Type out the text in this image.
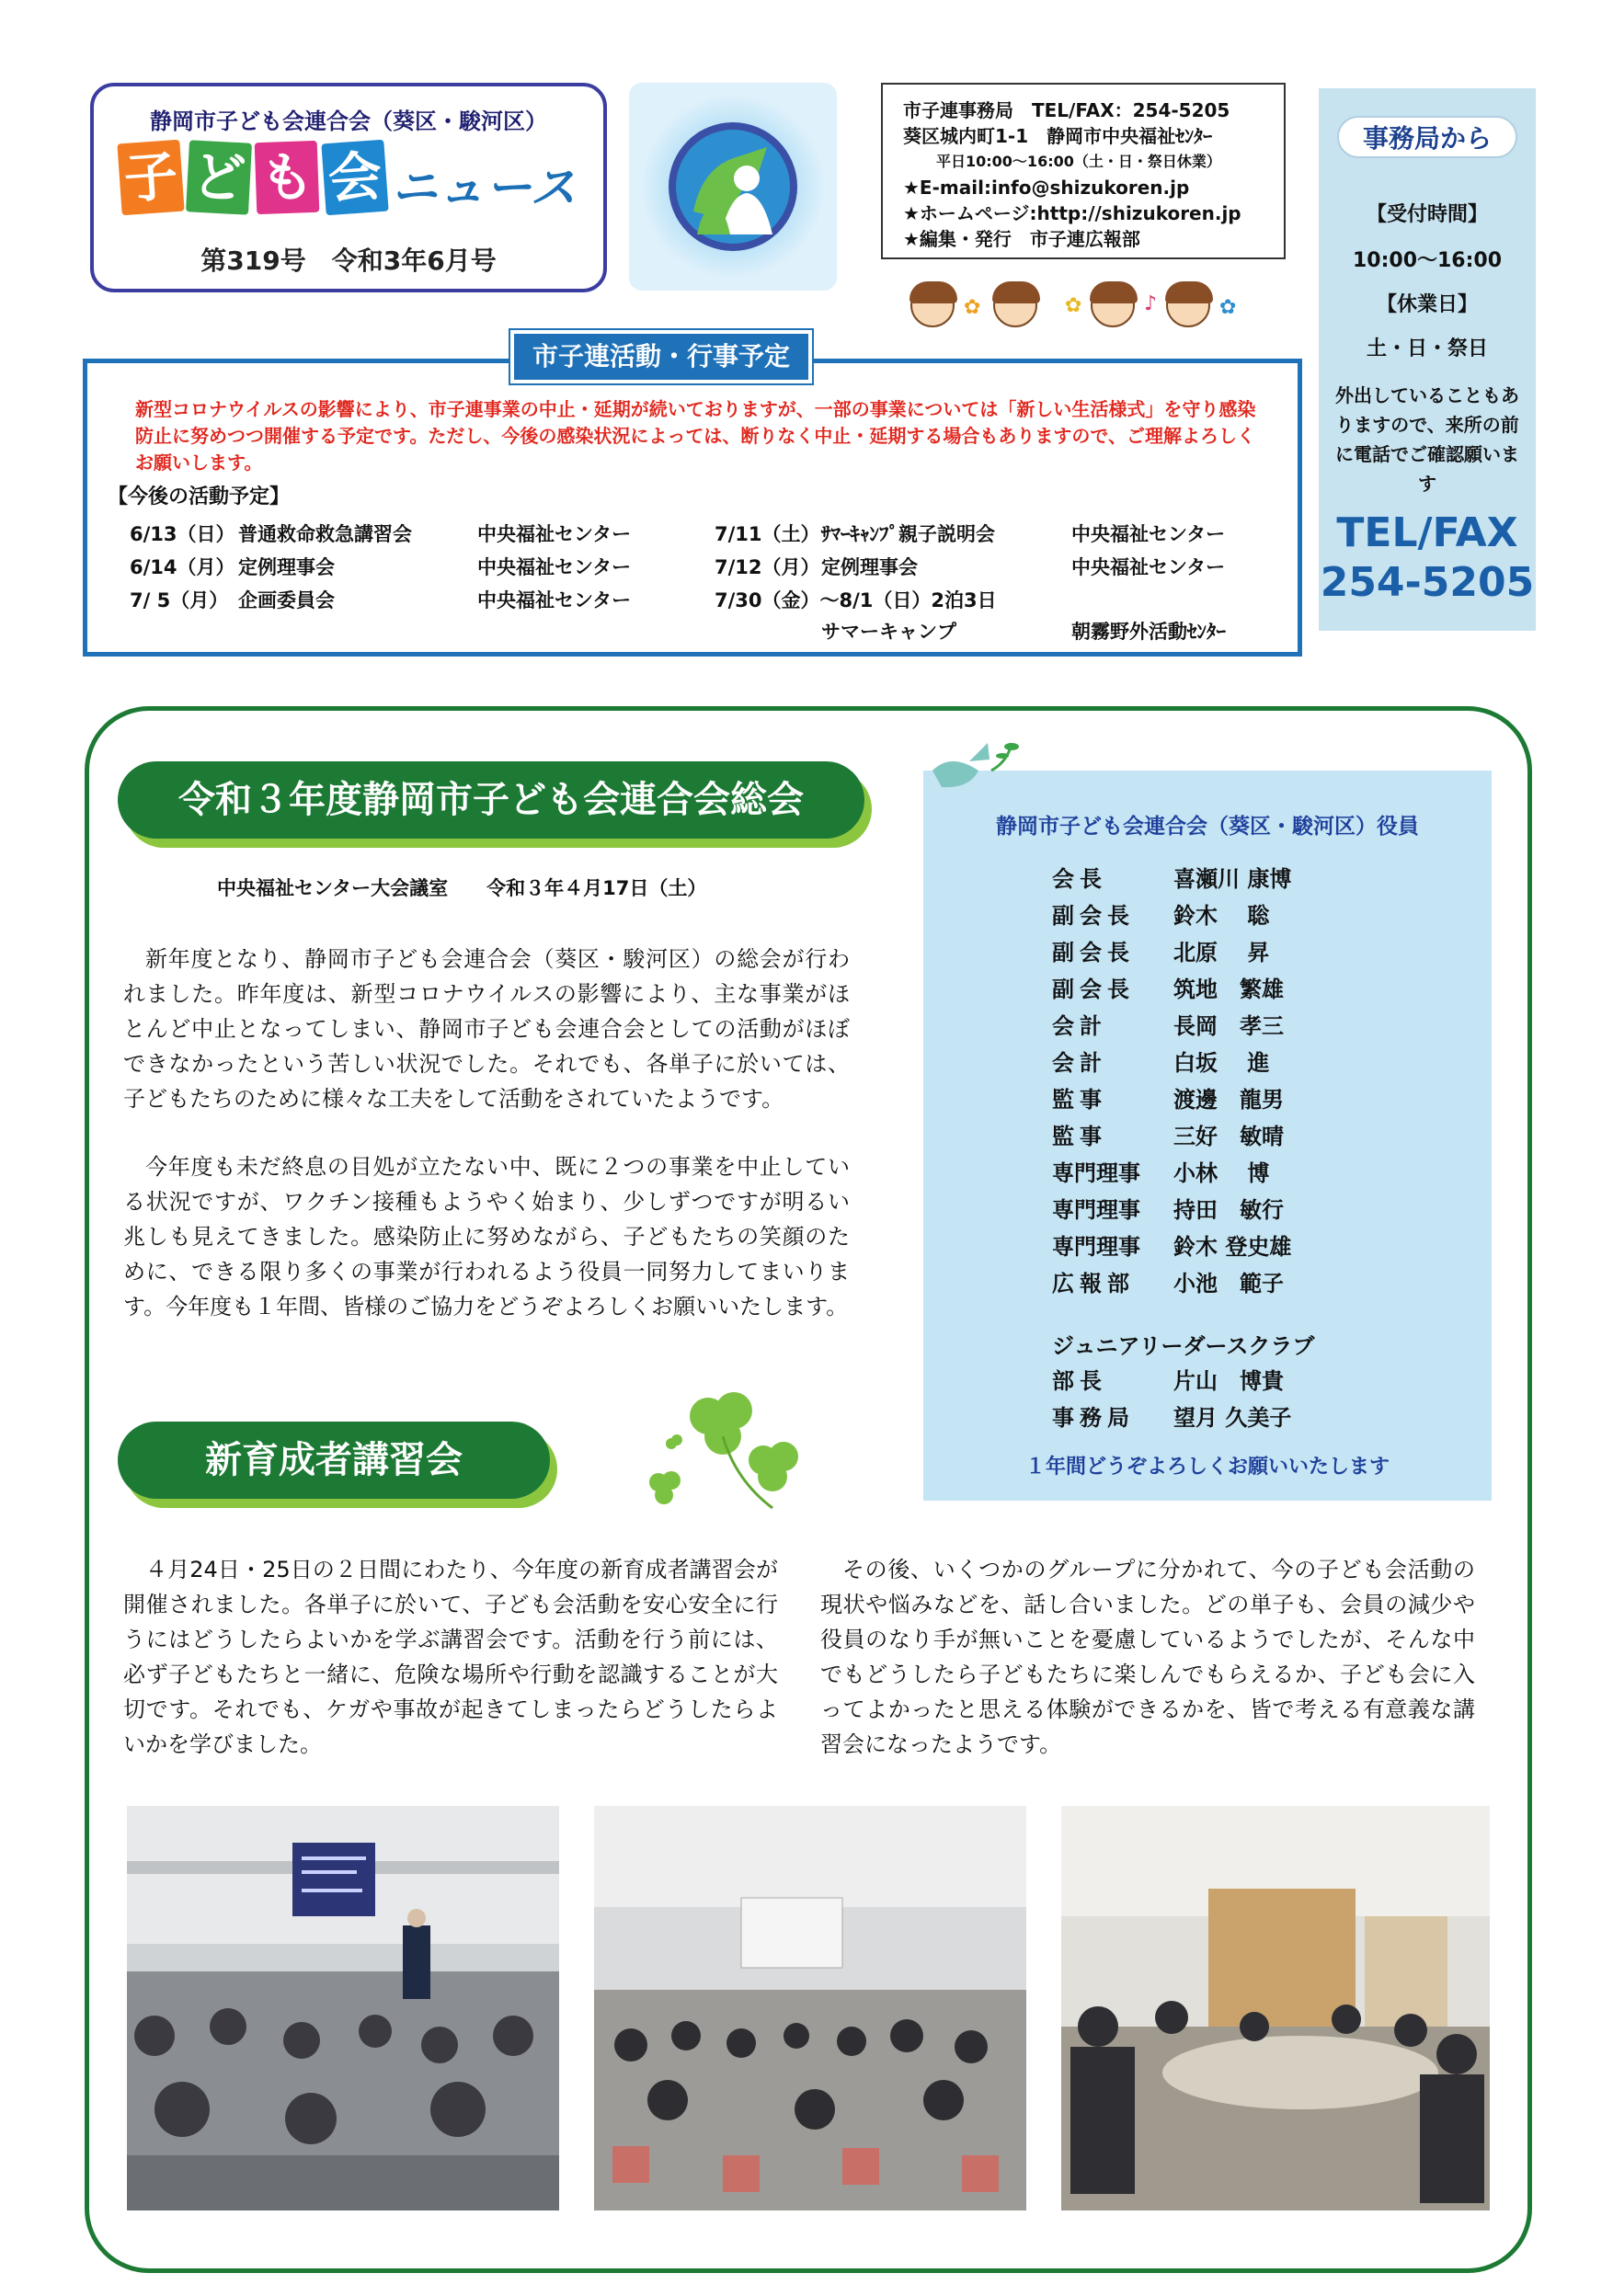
静岡市子ども会連合会（葵区・駿河区）
子 ど も 会 ニュース
第319号　令和3年6月号
市子連事務局　TEL/FAX：254-5205
葵区城内町1-1　静岡市中央福祉ｾﾝﾀｰ
平日10:00～16:00（土・日・祭日休業）
★E-mail:info@shizukoren.jp
★ホームページ:http://shizukoren.jp
★編集・発行　市子連広報部
✿	✿	♪	✿
事務局から
【受付時間】
10:00～16:00
【休業日】
土・日・祭日
外出していることもありますので、来所の前に電話でご確認願います
TEL/FAX
254-5205
市子連活動・行事予定
新型コロナウイルスの影響により、市子連事業の中止・延期が続いておりますが、一部の事業については「新しい生活様式」を守り感染防止に努めつつ開催する予定です。ただし、今後の感染状況によっては、断りなく中止・延期する場合もありますので、ご理解よろしくお願いします。
【今後の活動予定】
6/13（日） 普通救命救急講習会	中央福祉センター
6/14（月） 定例理事会	中央福祉センター
7/ 5（月） 企画委員会	中央福祉センター
7/11（土） ｻﾏｰｷｬﾝﾌﾟ親子説明会	中央福祉センター
7/12（月） 定例理事会	中央福祉センター
7/30（金）～8/1（日）2泊3日
サマーキャンプ	朝霧野外活動ｾﾝﾀｰ
令和３年度静岡市子ども会連合会総会
中央福祉センター大会議室　　令和３年４月17日（土）
新年度となり、静岡市子ども会連合会（葵区・駿河区）の総会が行われました。昨年度は、新型コロナウイルスの影響により、主な事業がほとんど中止となってしまい、静岡市子ども会連合会としての活動がほぼできなかったという苦しい状況でした。それでも、各単子に於いては、子どもたちのために様々な工夫をして活動をされていたようです。
今年度も未だ終息の目処が立たない中、既に２つの事業を中止している状況ですが、ワクチン接種もようやく始まり、少しずつですが明るい兆しも見えてきました。感染防止に努めながら、子どもたちの笑顔のために、できる限り多くの事業が行われるよう役員一同努力してまいります。今年度も１年間、皆様のご協力をどうぞよろしくお願いいたします。
静岡市子ども会連合会（葵区・駿河区）役員
会長	喜瀬川 康博
副会長 鈴木　 聡
副会長 北原　 昇
副会長 筑地　繁雄
会計	長岡　孝三
会計	白坂　 進
監事	渡邊　龍男
監事	三好　敏晴
専門理事 小林　 博
専門理事 持田　敏行
専門理事 鈴木 登史雄
広報部 小池　範子
ジュニアリーダースクラブ
部長	片山　博貴
事務局 望月 久美子
１年間どうぞよろしくお願いいたします
新育成者講習会
４月24日・25日の２日間にわたり、今年度の新育成者講習会が開催されました。各単子に於いて、子ども会活動を安心安全に行うにはどうしたらよいかを学ぶ講習会です。活動を行う前には、必ず子どもたちと一緒に、危険な場所や行動を認識することが大切です。それでも、ケガや事故が起きてしまったらどうしたらよいかを学びました。
その後、いくつかのグループに分かれて、今の子ども会活動の現状や悩みなどを、話し合いました。どの単子も、会員の減少や役員のなり手が無いことを憂慮しているようでしたが、そんな中でもどうしたら子どもたちに楽しんでもらえるか、子ども会に入ってよかったと思える体験ができるかを、皆で考える有意義な講習会になったようです。
